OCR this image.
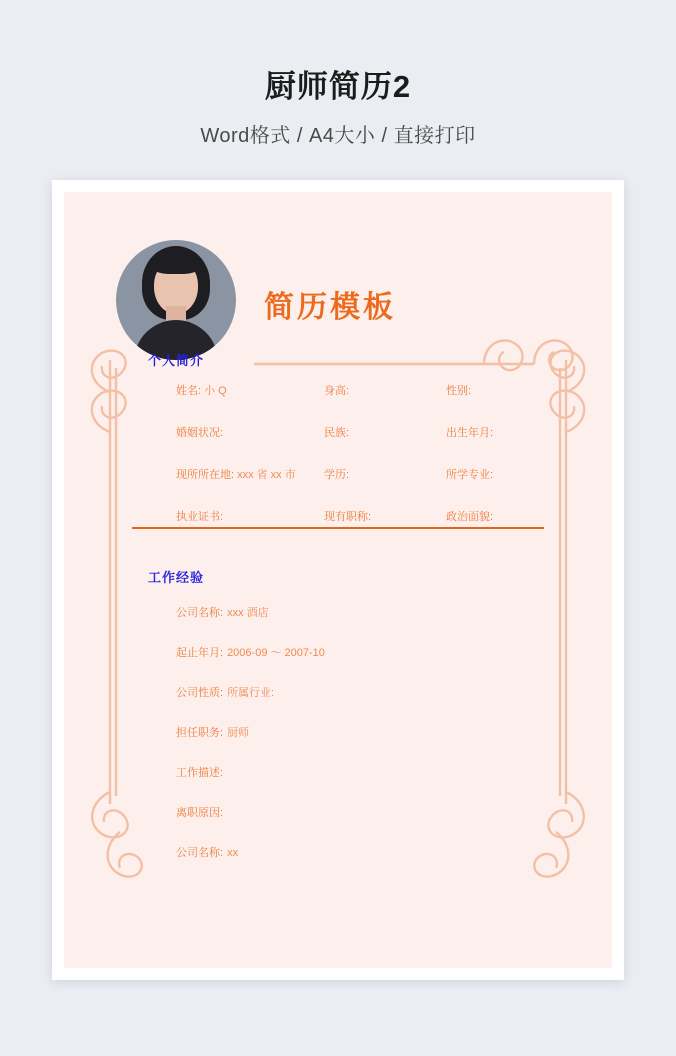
厨师简历2
Word格式 / A4大小 / 直接打印
简历模板
个人简介
姓名: 小 Q	身高:	性别:
婚姻状况:	民族:	出生年月:
现所所在地: xxx 省 xx 市	学历:	所学专业:
执业证书:	现有职称:	政治面貌:
工作经验
公司名称: xxx 酒店
起止年月: 2006-09 ～ 2007-10
公司性质: 所属行业:
担任职务: 厨师
工作描述:
离职原因:
公司名称: xx
